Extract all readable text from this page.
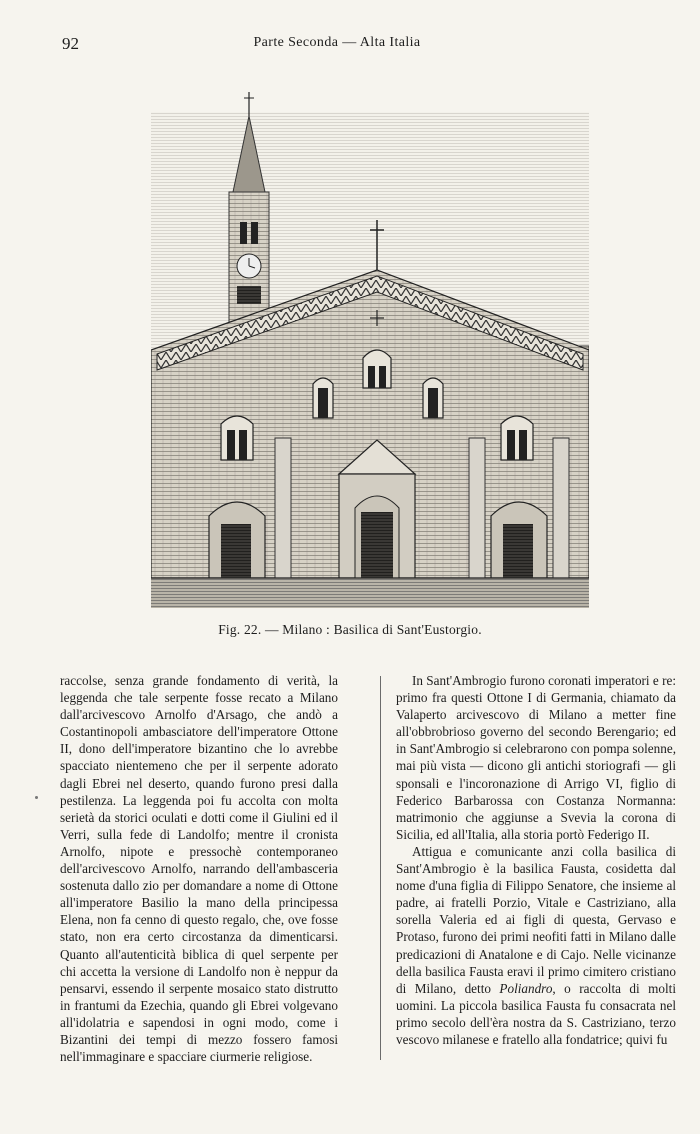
92	Parte Seconda — Alta Italia
Fig. 22. — Milano : Basilica di Sant'Eustorgio.

raccolse, senza grande fondamento di verità, la leggenda che tale serpente fosse recato a Milano dall'arcivescovo Arnolfo d'Arsago, che andò a Costantinopoli ambasciatore dell'imperatore Ottone II, dono dell'imperatore bizantino che lo avrebbe spacciato nientemeno che per il serpente adorato dagli Ebrei nel deserto, quando furono presi dalla pestilenza. La leggenda poi fu accolta con molta serietà da storici oculati e dotti come il Giulini ed il Verri, sulla fede di Landolfo; mentre il cronista Arnolfo, nipote e pressochè contemporaneo dell'arcivescovo Arnolfo, narrando dell'ambasceria sostenuta dallo zio per domandare a nome di Ottone all'imperatore Basilio la mano della principessa Elena, non fa cenno di questo regalo, che, ove fosse stato, non era certo circostanza da dimenticarsi. Quanto all'autenticità biblica di quel serpente per chi accetta la versione di Landolfo non è neppur da pensarvi, essendo il serpente mosaico stato distrutto in frantumi da Ezechia, quando gli Ebrei volgevano all'idolatria e sapendosi in ogni modo, come i Bizantini dei tempi di mezzo fossero famosi nell'immaginare e spacciare ciurmerie religiose.

In Sant'Ambrogio furono coronati imperatori e re: primo fra questi Ottone I di Germania, chiamato da Valaperto arcivescovo di Milano a metter fine all'obbrobrioso governo del secondo Berengario; ed in Sant'Ambrogio si celebrarono con pompa solenne, mai più vista — dicono gli antichi storiografi — gli sponsali e l'incoronazione di Arrigo VI, figlio di Federico Barbarossa con Costanza Normanna: matrimonio che aggiunse a Svevia la corona di Sicilia, ed all'Italia, alla storia portò Federigo II.

Attigua e comunicante anzi colla basilica di Sant'Ambrogio è la basilica Fausta, cosidetta dal nome d'una figlia di Filippo Senatore, che insieme al padre, ai fratelli Porzio, Vitale e Castriziano, alla sorella Valeria ed ai figli di questa, Gervaso e Protaso, furono dei primi neofiti fatti in Milano dalle predicazioni di Anatalone e di Cajo. Nelle vicinanze della basilica Fausta eravi il primo cimitero cristiano di Milano, detto Poliandro, o raccolta di molti uomini. La piccola basilica Fausta fu consacrata nel primo secolo dell'èra nostra da S. Castriziano, terzo vescovo milanese e fratello alla fondatrice; quivi fu
